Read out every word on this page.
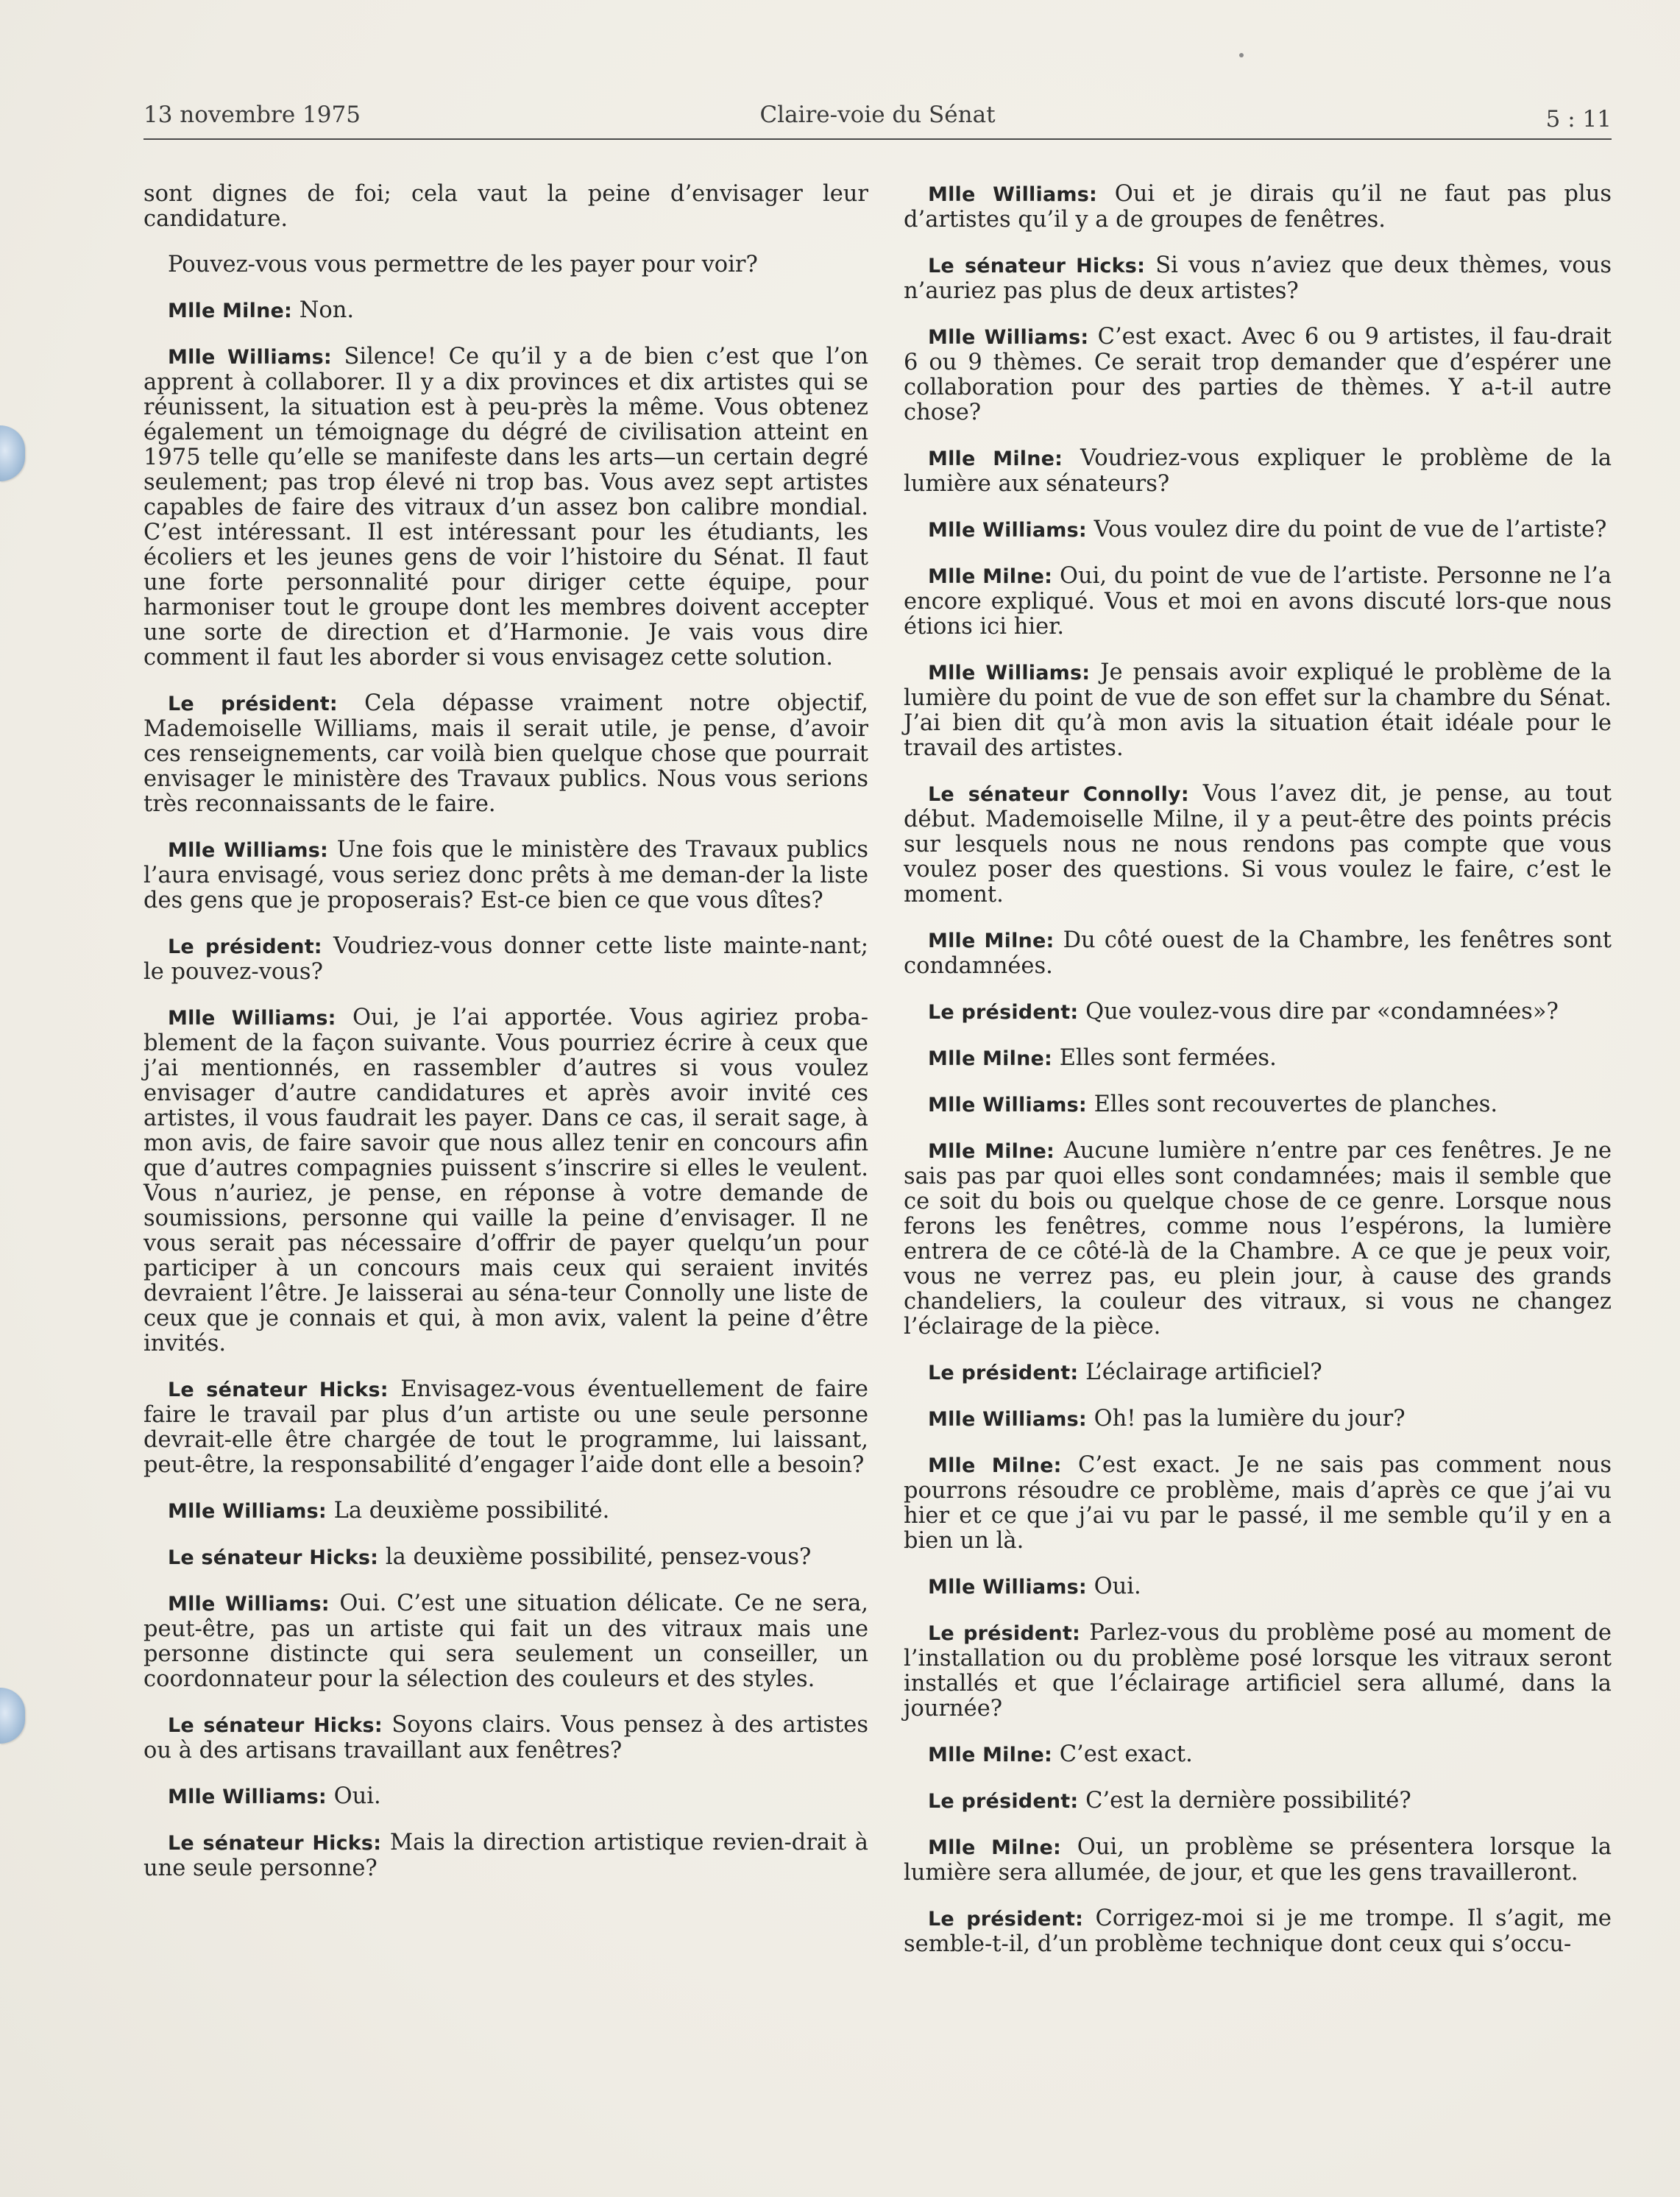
13 novembre 1975	Claire-voie du Sénat	5 : 11

sont dignes de foi; cela vaut la peine d’envisager leur candidature.

Pouvez-vous vous permettre de les payer pour voir?

Mlle Milne: Non.

Mlle Williams: Silence! Ce qu’il y a de bien c’est que l’on apprent à collaborer. Il y a dix provinces et dix artistes qui se réunissent, la situation est à peu-près la même. Vous obtenez également un témoignage du dégré de civilisation atteint en 1975 telle qu’elle se manifeste dans les arts—un certain degré seulement; pas trop élevé ni trop bas. Vous avez sept artistes capables de faire des vitraux d’un assez bon calibre mondial. C’est intéressant. Il est intéressant pour les étudiants, les écoliers et les jeunes gens de voir l’histoire du Sénat. Il faut une forte personnalité pour diriger cette équipe, pour harmoniser tout le groupe dont les membres doivent accepter une sorte de direction et d’Harmonie. Je vais vous dire comment il faut les aborder si vous envisagez cette solution.

Le président: Cela dépasse vraiment notre objectif, Mademoiselle Williams, mais il serait utile, je pense, d’avoir ces renseignements, car voilà bien quelque chose que pourrait envisager le ministère des Travaux publics. Nous vous serions très reconnaissants de le faire.

Mlle Williams: Une fois que le ministère des Travaux publics l’aura envisagé, vous seriez donc prêts à me deman-der la liste des gens que je proposerais? Est-ce bien ce que vous dîtes?

Le président: Voudriez-vous donner cette liste mainte-nant; le pouvez-vous?

Mlle Williams: Oui, je l’ai apportée. Vous agiriez proba-blement de la façon suivante. Vous pourriez écrire à ceux que j’ai mentionnés, en rassembler d’autres si vous voulez envisager d’autre candidatures et après avoir invité ces artistes, il vous faudrait les payer. Dans ce cas, il serait sage, à mon avis, de faire savoir que nous allez tenir en concours afin que d’autres compagnies puissent s’inscrire si elles le veulent. Vous n’auriez, je pense, en réponse à votre demande de soumissions, personne qui vaille la peine d’envisager. Il ne vous serait pas nécessaire d’offrir de payer quelqu’un pour participer à un concours mais ceux qui seraient invités devraient l’être. Je laisserai au séna-teur Connolly une liste de ceux que je connais et qui, à mon avix, valent la peine d’être invités.

Le sénateur Hicks: Envisagez-vous éventuellement de faire faire le travail par plus d’un artiste ou une seule personne devrait-elle être chargée de tout le programme, lui laissant, peut-être, la responsabilité d’engager l’aide dont elle a besoin?

Mlle Williams: La deuxième possibilité.

Le sénateur Hicks: la deuxième possibilité, pensez-vous?

Mlle Williams: Oui. C’est une situation délicate. Ce ne sera, peut-être, pas un artiste qui fait un des vitraux mais une personne distincte qui sera seulement un conseiller, un coordonnateur pour la sélection des couleurs et des styles.

Le sénateur Hicks: Soyons clairs. Vous pensez à des artistes ou à des artisans travaillant aux fenêtres?

Mlle Williams: Oui.

Le sénateur Hicks: Mais la direction artistique revien-drait à une seule personne?

Mlle Williams: Oui et je dirais qu’il ne faut pas plus d’artistes qu’il y a de groupes de fenêtres.

Le sénateur Hicks: Si vous n’aviez que deux thèmes, vous n’auriez pas plus de deux artistes?

Mlle Williams: C’est exact. Avec 6 ou 9 artistes, il fau-drait 6 ou 9 thèmes. Ce serait trop demander que d’espérer une collaboration pour des parties de thèmes. Y a-t-il autre chose?

Mlle Milne: Voudriez-vous expliquer le problème de la lumière aux sénateurs?

Mlle Williams: Vous voulez dire du point de vue de l’artiste?

Mlle Milne: Oui, du point de vue de l’artiste. Personne ne l’a encore expliqué. Vous et moi en avons discuté lors-que nous étions ici hier.

Mlle Williams: Je pensais avoir expliqué le problème de la lumière du point de vue de son effet sur la chambre du Sénat. J’ai bien dit qu’à mon avis la situation était idéale pour le travail des artistes.

Le sénateur Connolly: Vous l’avez dit, je pense, au tout début. Mademoiselle Milne, il y a peut-être des points précis sur lesquels nous ne nous rendons pas compte que vous voulez poser des questions. Si vous voulez le faire, c’est le moment.

Mlle Milne: Du côté ouest de la Chambre, les fenêtres sont condamnées.

Le président: Que voulez-vous dire par «condamnées»?

Mlle Milne: Elles sont fermées.

Mlle Williams: Elles sont recouvertes de planches.

Mlle Milne: Aucune lumière n’entre par ces fenêtres. Je ne sais pas par quoi elles sont condamnées; mais il semble que ce soit du bois ou quelque chose de ce genre. Lorsque nous ferons les fenêtres, comme nous l’espérons, la lumière entrera de ce côté-là de la Chambre. A ce que je peux voir, vous ne verrez pas, eu plein jour, à cause des grands chandeliers, la couleur des vitraux, si vous ne changez l’éclairage de la pièce.

Le président: L’éclairage artificiel?

Mlle Williams: Oh! pas la lumière du jour?

Mlle Milne: C’est exact. Je ne sais pas comment nous pourrons résoudre ce problème, mais d’après ce que j’ai vu hier et ce que j’ai vu par le passé, il me semble qu’il y en a bien un là.

Mlle Williams: Oui.

Le président: Parlez-vous du problème posé au moment de l’installation ou du problème posé lorsque les vitraux seront installés et que l’éclairage artificiel sera allumé, dans la journée?

Mlle Milne: C’est exact.

Le président: C’est la dernière possibilité?

Mlle Milne: Oui, un problème se présentera lorsque la lumière sera allumée, de jour, et que les gens travailleront.

Le président: Corrigez-moi si je me trompe. Il s’agit, me semble-t-il, d’un problème technique dont ceux qui s’occu-
